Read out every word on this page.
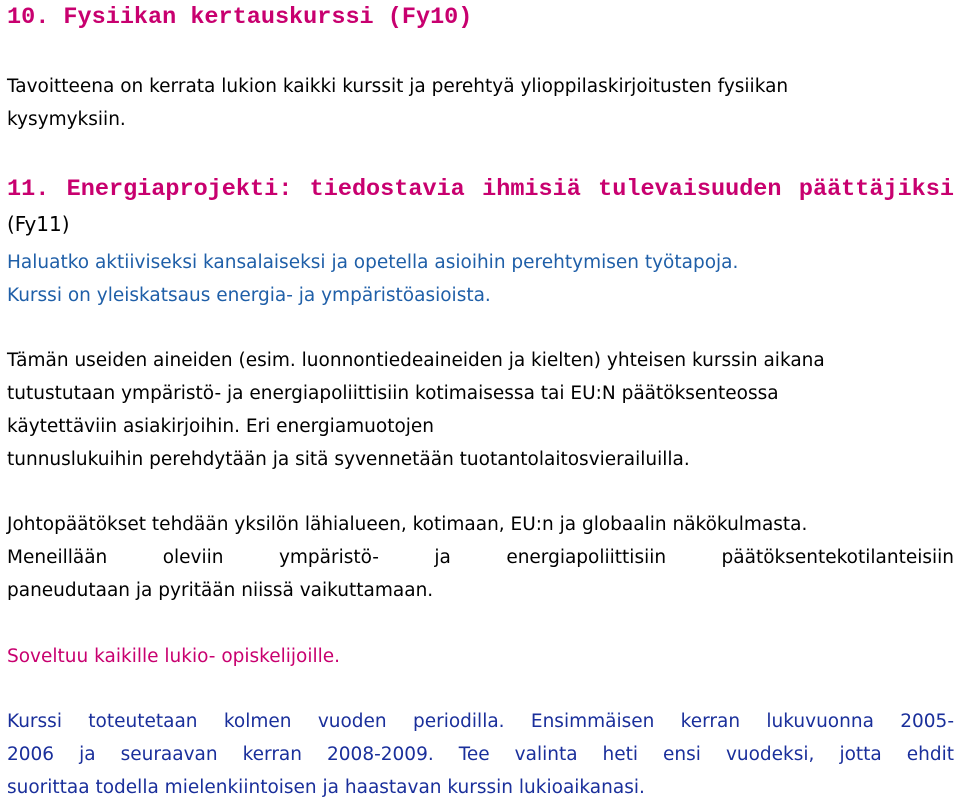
10. Fysiikan kertauskurssi (Fy10)
Tavoitteena on kerrata lukion kaikki kurssit ja perehtyä ylioppilaskirjoitusten fysiikan
kysymyksiin.
11. Energiaprojekti: tiedostavia ihmisiä tulevaisuuden päättäjiksi
(Fy11)
Haluatko aktiiviseksi kansalaiseksi ja opetella asioihin perehtymisen työtapoja.
Kurssi on yleiskatsaus energia- ja ympäristöasioista.
Tämän useiden aineiden (esim. luonnontiedeaineiden ja kielten) yhteisen kurssin aikana
tutustutaan ympäristö- ja energiapoliittisiin kotimaisessa tai EU:N päätöksenteossa
käytettäviin asiakirjoihin. Eri energiamuotojen
tunnuslukuihin perehdytään ja sitä syvennetään tuotantolaitosvierailuilla.
Johtopäätökset tehdään yksilön lähialueen, kotimaan, EU:n ja globaalin näkökulmasta.
Meneillään oleviin ympäristö- ja energiapoliittisiin päätöksentekotilanteisiin
paneudutaan ja pyritään niissä vaikuttamaan.
Soveltuu kaikille lukio- opiskelijoille.
Kurssi toteutetaan kolmen vuoden periodilla. Ensimmäisen kerran lukuvuonna 2005-
2006 ja seuraavan kerran 2008-2009. Tee valinta heti ensi vuodeksi, jotta ehdit
suorittaa todella mielenkiintoisen ja haastavan kurssin lukioaikanasi.
